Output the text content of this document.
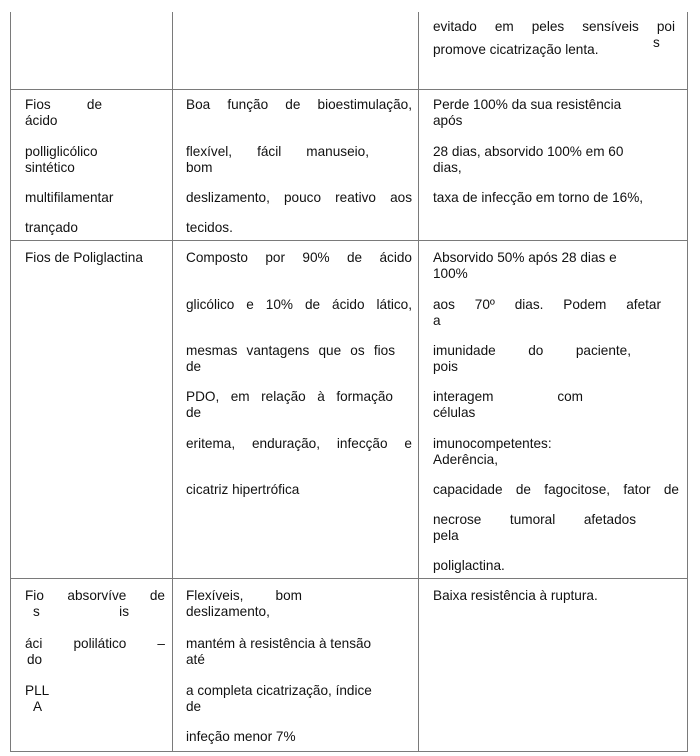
evitado em peles sensíveis poi
s
promove cicatrização lenta.
Fios de
ácido
polliglicólico
sintético
multifilamentar
trançado
Boa função de bioestimulação,
flexível, fácil manuseio,
bom
deslizamento, pouco reativo aos
tecidos.
Perde 100% da sua resistência
após
28 dias, absorvido 100% em 60
dias,
taxa de infecção em torno de 16%,
Fios de Poliglactina	Composto por 90% de ácido
glicólico e 10% de ácido lático,
mesmas vantagens que os fios
de
PDO, em relação à formação
de
eritema, enduração, infecção e
cicatriz hipertrófica
Absorvido 50% após 28 dias e
100%
aos 70º dias. Podem afetar
a
imunidade do paciente,
pois
interagem com
células
imunocompetentes:
Aderência,
capacidade de fagocitose, fator de
necrose tumoral afetados
pela
poliglactina.
Fio absorvíve de
s is
áci polilático –
do
PLL
A
Flexíveis, bom
deslizamento,
mantém à resistência à tensão
até
a completa cicatrização, índice
de
infeção menor 7%
Baixa resistência à ruptura.
